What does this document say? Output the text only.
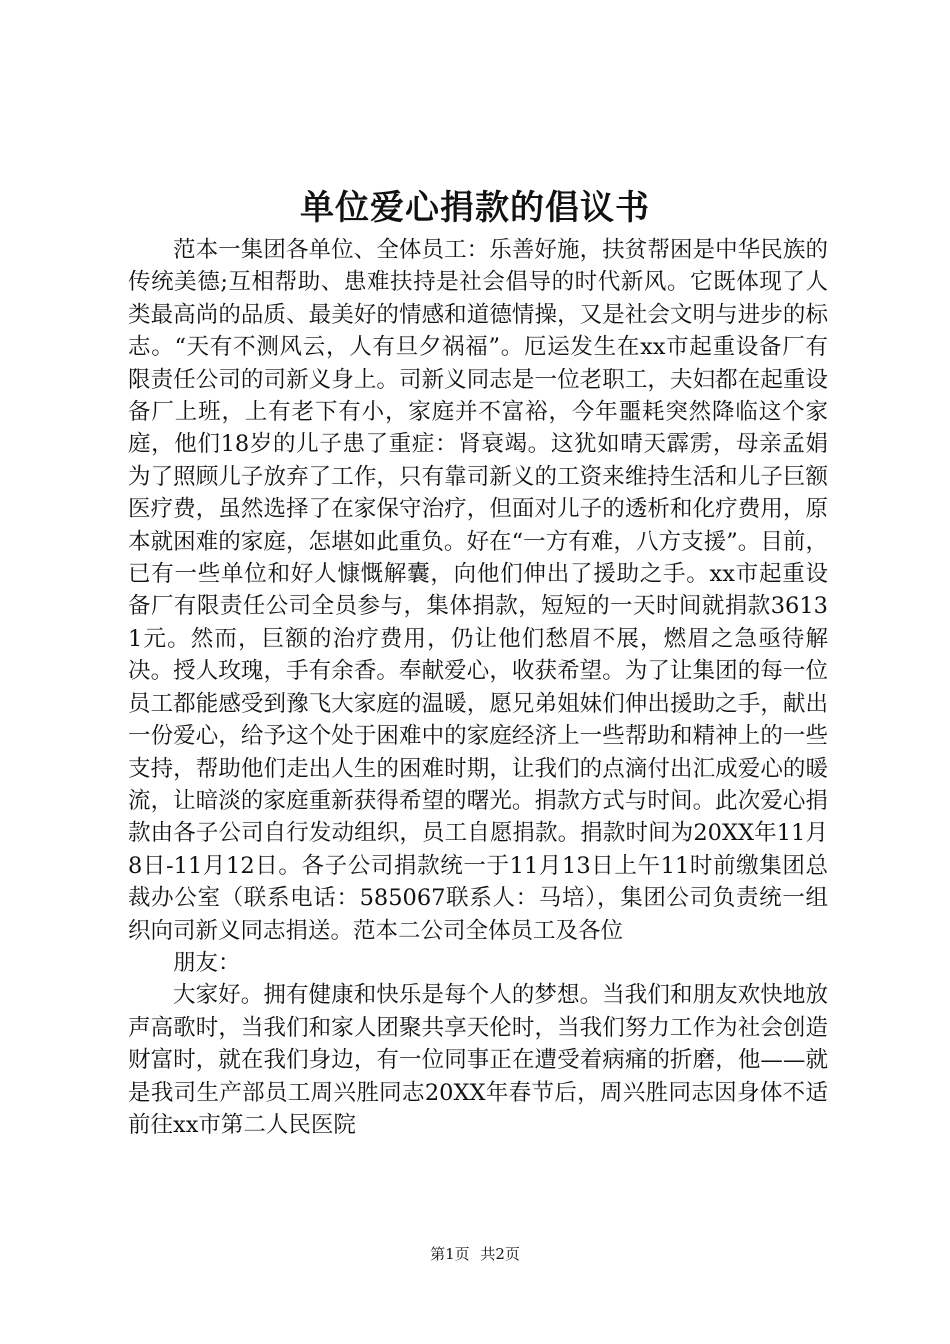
单位爱心捐款的倡议书

范本一集团各单位、全体员工：乐善好施，扶贫帮困是中华民族的传统美德;互相帮助、患难扶持是社会倡导的时代新风。它既体现了人类最高尚的品质、最美好的情感和道德情操，又是社会文明与进步的标志。“天有不测风云，人有旦夕祸福”。厄运发生在xx市起重设备厂有限责任公司的司新义身上。司新义同志是一位老职工，夫妇都在起重设备厂上班，上有老下有小，家庭并不富裕，今年噩耗突然降临这个家庭，他们18岁的儿子患了重症：肾衰竭。这犹如晴天霹雳，母亲孟娟为了照顾儿子放弃了工作，只有靠司新义的工资来维持生活和儿子巨额医疗费，虽然选择了在家保守治疗，但面对儿子的透析和化疗费用，原本就困难的家庭，怎堪如此重负。好在“一方有难，八方支援”。目前，已有一些单位和好人慷慨解囊，向他们伸出了援助之手。xx市起重设备厂有限责任公司全员参与，集体捐款，短短的一天时间就捐款36131元。然而，巨额的治疗费用，仍让他们愁眉不展，燃眉之急亟待解决。授人玫瑰，手有余香。奉献爱心，收获希望。为了让集团的每一位员工都能感受到豫飞大家庭的温暖，愿兄弟姐妹们伸出援助之手，献出一份爱心，给予这个处于困难中的家庭经济上一些帮助和精神上的一些支持，帮助他们走出人生的困难时期，让我们的点滴付出汇成爱心的暖流，让暗淡的家庭重新获得希望的曙光。捐款方式与时间。此次爱心捐款由各子公司自行发动组织，员工自愿捐款。捐款时间为20XX年11月8日-11月12日。各子公司捐款统一于11月13日上午11时前缴集团总裁办公室（联系电话：585067联系人：马培），集团公司负责统一组织向司新义同志捐送。范本二公司全体员工及各位

朋友：

大家好。拥有健康和快乐是每个人的梦想。当我们和朋友欢快地放声高歌时，当我们和家人团聚共享天伦时，当我们努力工作为社会创造财富时，就在我们身边，有一位同事正在遭受着病痛的折磨，他——就是我司生产部员工周兴胜同志20XX年春节后，周兴胜同志因身体不适前往xx市第二人民医院

第1页 共2页
